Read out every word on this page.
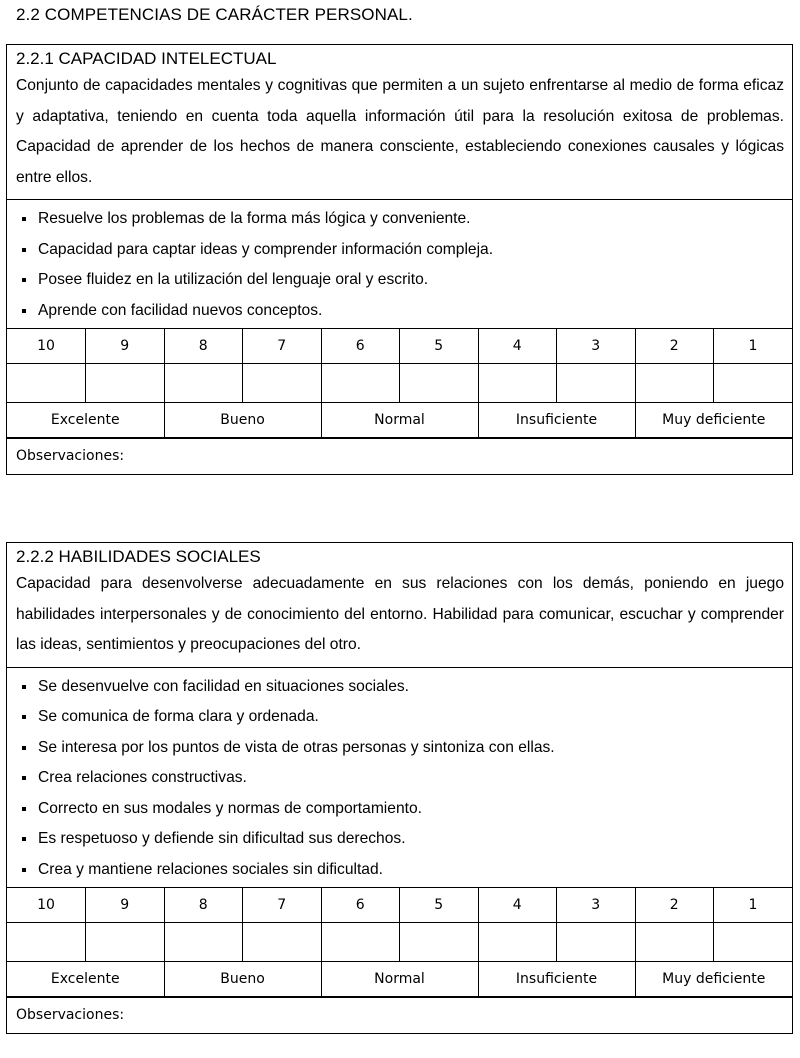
2.2 COMPETENCIAS DE CARÁCTER PERSONAL.
2.2.1 CAPACIDAD INTELECTUAL
Conjunto de capacidades mentales y cognitivas que permiten a un sujeto enfrentarse al medio de forma eficaz y adaptativa, teniendo en cuenta toda aquella información útil para la resolución exitosa de problemas. Capacidad de aprender de los hechos de manera consciente, estableciendo conexiones causales y lógicas entre ellos.
Resuelve los problemas de la forma más lógica y conveniente.
Capacidad para captar ideas y comprender información compleja.
Posee fluidez en la utilización del lenguaje oral y escrito.
Aprende con facilidad nuevos conceptos.
10	9	8	7	6	5	4	3	2	1

Excelente		Bueno		Normal		Insuficiente		Muy deficiente	
Observaciones:
2.2.2 HABILIDADES SOCIALES
Capacidad para desenvolverse adecuadamente en sus relaciones con los demás, poniendo en juego habilidades interpersonales y de conocimiento del entorno. Habilidad para comunicar, escuchar y comprender las ideas, sentimientos y preocupaciones del otro.
Se desenvuelve con facilidad en situaciones sociales.
Se comunica de forma clara y ordenada.
Se interesa por los puntos de vista de otras personas y sintoniza con ellas.
Crea relaciones constructivas.
Correcto en sus modales y normas de comportamiento.
Es respetuoso y defiende sin dificultad sus derechos.
Crea y mantiene relaciones sociales sin dificultad.
10	9	8	7	6	5	4	3	2	1

Excelente		Bueno		Normal		Insuficiente		Muy deficiente	
Observaciones:
